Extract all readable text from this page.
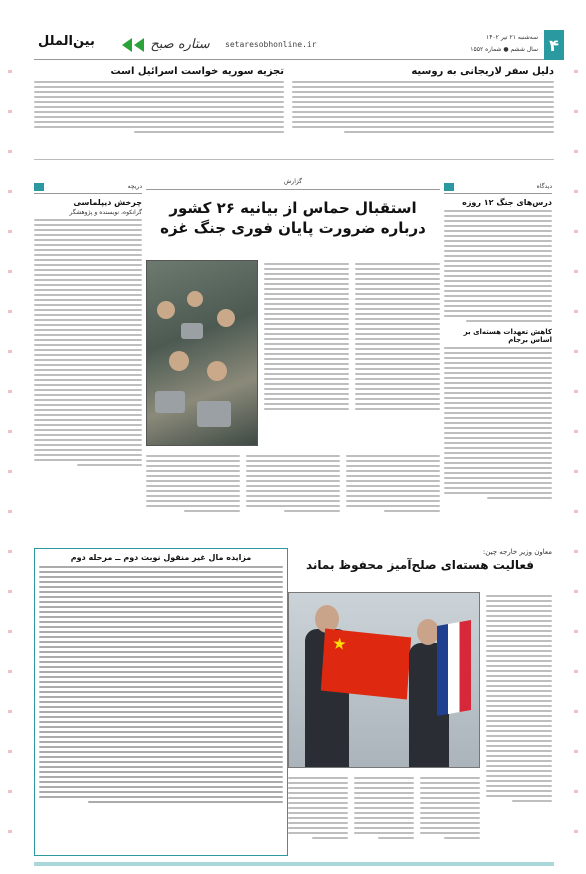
۴
سه‌شنبه ۲۱ تیر ۱۴۰۲
سال ششم ● شماره ۱۵۵۲
setaresobhonline.ir
ستاره صبح
بین‌الملل
دلیل سفر لاریجانی به روسیه
تجزیه سوریه خواست اسرائیل است
دیدگاه
درس‌های جنگ ۱۲ روزه
کاهش تعهدات هسته‌ای بر اساس برجام
گزارش
استقبال حماس از بیانیه ۲۶ کشور
درباره ضرورت پایان فوری جنگ غزه
دریچه
چرخش دیپلماسی
گرانکوه، نویسنده و پژوهشگر
مزایده مال غیر منقول نوبت دوم ــ مرحله دوم
معاون وزیر خارجه چین:
فعالیت هسته‌ای صلح‌آمیز محفوظ بماند
★
